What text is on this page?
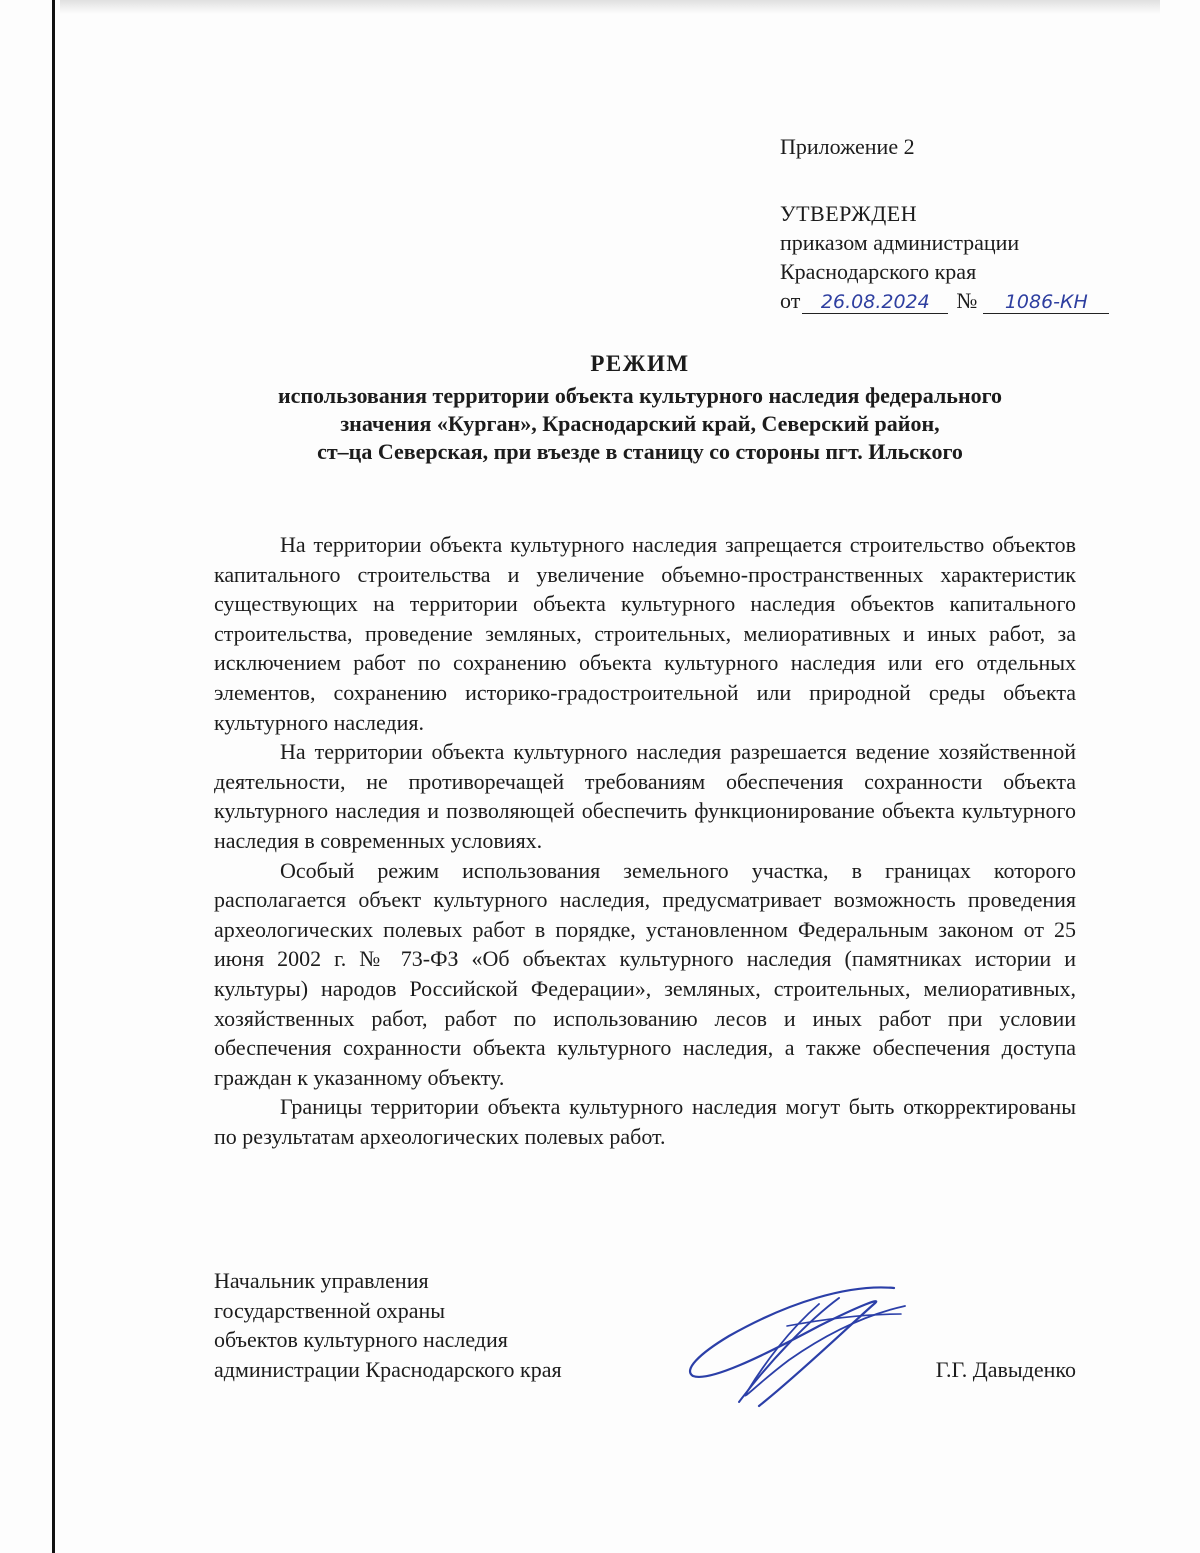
Приложение 2

УТВЕРЖДЕН

приказом администрации

Краснодарского края

от	26.08.2024	№	1086-КН

РЕЖИМ

использования территории объекта культурного наследия федерального

значения «Курган», Краснодарский край, Северский район,

ст–ца Северская, при въезде в станицу со стороны пгт. Ильского

На территории объекта культурного наследия запрещается строительство объектов капитального строительства и увеличение объемно-пространственных характеристик существующих на территории объекта культурного наследия объектов капитального строительства, проведение земляных, строительных, мелиоративных и иных работ, за исключением работ по сохранению объекта культурного наследия или его отдельных элементов, сохранению историко-градостроительной или природной среды объекта культурного наследия.

На территории объекта культурного наследия разрешается ведение хозяйственной деятельности, не противоречащей требованиям обеспечения сохранности объекта культурного наследия и позволяющей обеспечить функционирование объекта культурного наследия в современных условиях.

Особый режим использования земельного участка, в границах которого располагается объект культурного наследия, предусматривает возможность проведения археологических полевых работ в порядке, установленном Федеральным законом от 25 июня 2002 г. № 73-ФЗ «Об объектах культурного наследия (памятниках истории и культуры) народов Российской Федерации», земляных, строительных, мелиоративных, хозяйственных работ, работ по использованию лесов и иных работ при условии обеспечения сохранности объекта культурного наследия, а также обеспечения доступа граждан к указанному объекту.

Границы территории объекта культурного наследия могут быть откорректированы по результатам археологических полевых работ.

Начальник управления
государственной охраны
объектов культурного наследия
администрации Краснодарского края	Г.Г. Давыденко
